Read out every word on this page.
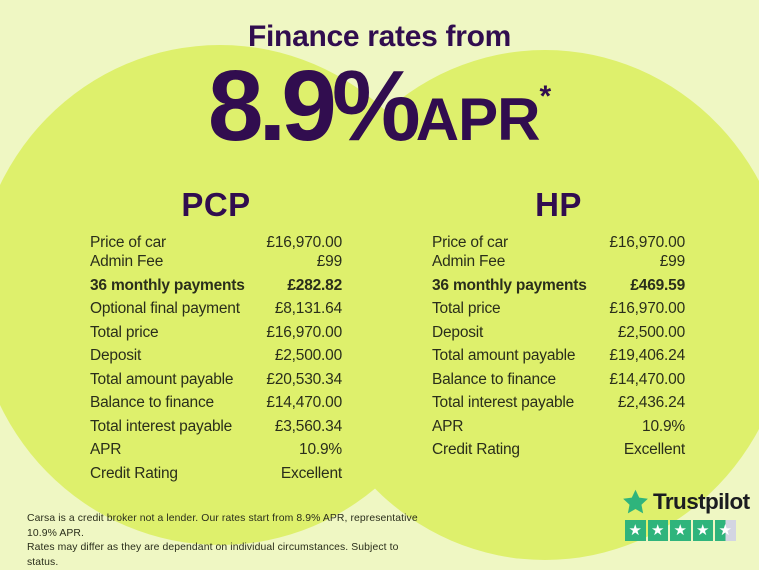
Finance rates from
8.9%APR*
PCP
Price of car	£16,970.00
Admin Fee	£99
36 monthly payments	£282.82
Optional final payment £8,131.64
Total price	£16,970.00
Deposit	£2,500.00
Total amount payable £20,530.34
Balance to finance	£14,470.00
Total interest payable	£3,560.34
APR	10.9%
Credit Rating	Excellent
HP
Price of car	£16,970.00
Admin Fee	£99
36 monthly payments	£469.59
Total price	£16,970.00
Deposit	£2,500.00
Total amount payable £19,406.24
Balance to finance	£14,470.00
Total interest payable	£2,436.24
APR	10.9%
Credit Rating	Excellent
Carsa is a credit broker not a lender. Our rates start from 8.9% APR, representative 10.9% APR.
Rates may differ as they are dependant on individual circumstances. Subject to status.
Trustpilot
★ ★ ★ ★ ★
